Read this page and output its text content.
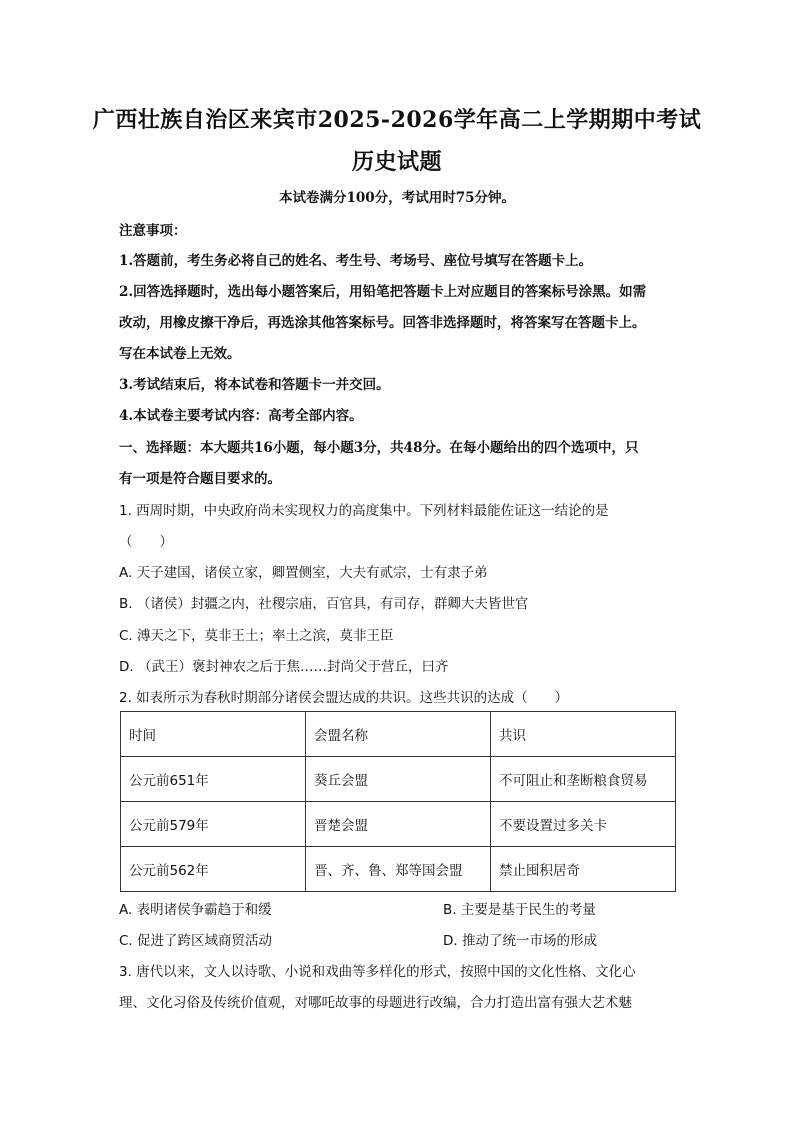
广西壮族自治区来宾市2025-2026学年高二上学期期中考试
历史试题
本试卷满分100分，考试用时75分钟。
注意事项：
1.答题前，考生务必将自己的姓名、考生号、考场号、座位号填写在答题卡上。
2.回答选择题时，选出每小题答案后，用铅笔把答题卡上对应题目的答案标号涂黑。如需
改动，用橡皮擦干净后，再选涂其他答案标号。回答非选择题时，将答案写在答题卡上。
写在本试卷上无效。
3.考试结束后，将本试卷和答题卡一并交回。
4.本试卷主要考试内容：高考全部内容。
一、选择题：本大题共16小题，每小题3分，共48分。在每小题给出的四个选项中，只
有一项是符合题目要求的。
1. 西周时期，中央政府尚未实现权力的高度集中。下列材料最能佐证这一结论的是
（　　）
A. 天子建国，诸侯立家，卿置侧室，大夫有贰宗，士有隶子弟
B. （诸侯）封疆之内，社稷宗庙，百官具，有司存，群卿大夫皆世官
C. 溥天之下，莫非王土；率土之滨，莫非王臣
D. （武王）褒封神农之后于焦……封尚父于营丘，曰齐
2. 如表所示为春秋时期部分诸侯会盟达成的共识。这些共识的达成（　　）
时间	会盟名称	共识
公元前651年	葵丘会盟	不可阻止和垄断粮食贸易
公元前579年	晋楚会盟	不要设置过多关卡
公元前562年	晋、齐、鲁、郑等国会盟	禁止囤积居奇
A. 表明诸侯争霸趋于和缓	B. 主要是基于民生的考量
C. 促进了跨区域商贸活动	D. 推动了统一市场的形成
3. 唐代以来，文人以诗歌、小说和戏曲等多样化的形式，按照中国的文化性格、文化心
理、文化习俗及传统价值观，对哪吒故事的母题进行改编，合力打造出富有强大艺术魅
